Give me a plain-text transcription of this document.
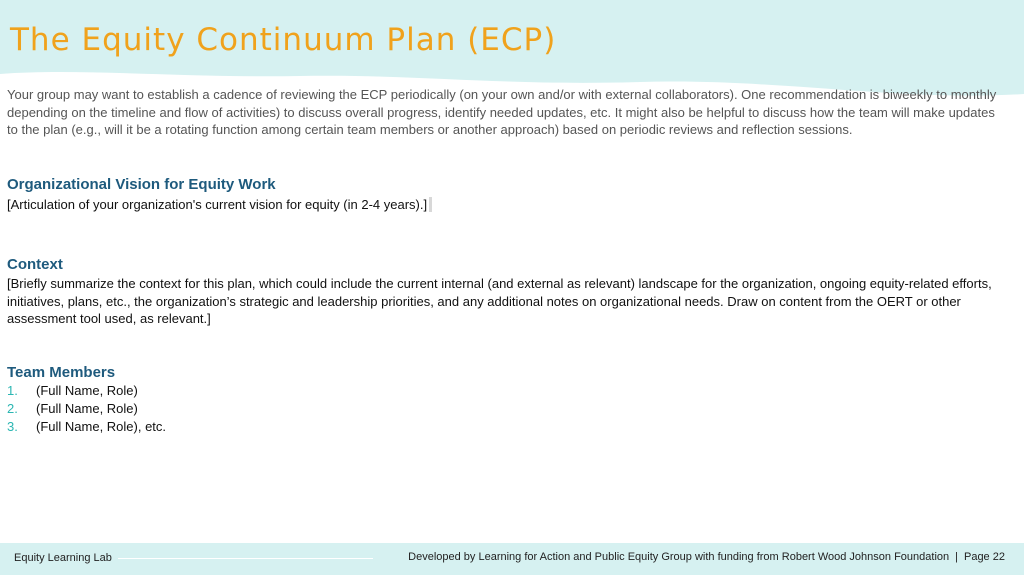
The Equity Continuum Plan (ECP)
Your group may want to establish a cadence of reviewing the ECP periodically (on your own and/or with external collaborators). One recommendation is biweekly to monthly depending on the timeline and flow of activities) to discuss overall progress, identify needed updates, etc. It might also be helpful to discuss how the team will make updates to the plan (e.g., will it be a rotating function among certain team members or another approach) based on periodic reviews and reflection sessions.
Organizational Vision for Equity Work
[Articulation of your organization's current vision for equity (in 2-4 years).]
Context
[Briefly summarize the context for this plan, which could include the current internal (and external as relevant) landscape for the organization, ongoing equity-related efforts, initiatives, plans, etc., the organization’s strategic and leadership priorities, and any additional notes on organizational needs. Draw on content from the OERT or other assessment tool used, as relevant.]
Team Members
1. (Full Name, Role)
2. (Full Name, Role)
3. (Full Name, Role), etc.
Equity Learning Lab	Developed by Learning for Action and Public Equity Group with funding from Robert Wood Johnson Foundation | Page 22
